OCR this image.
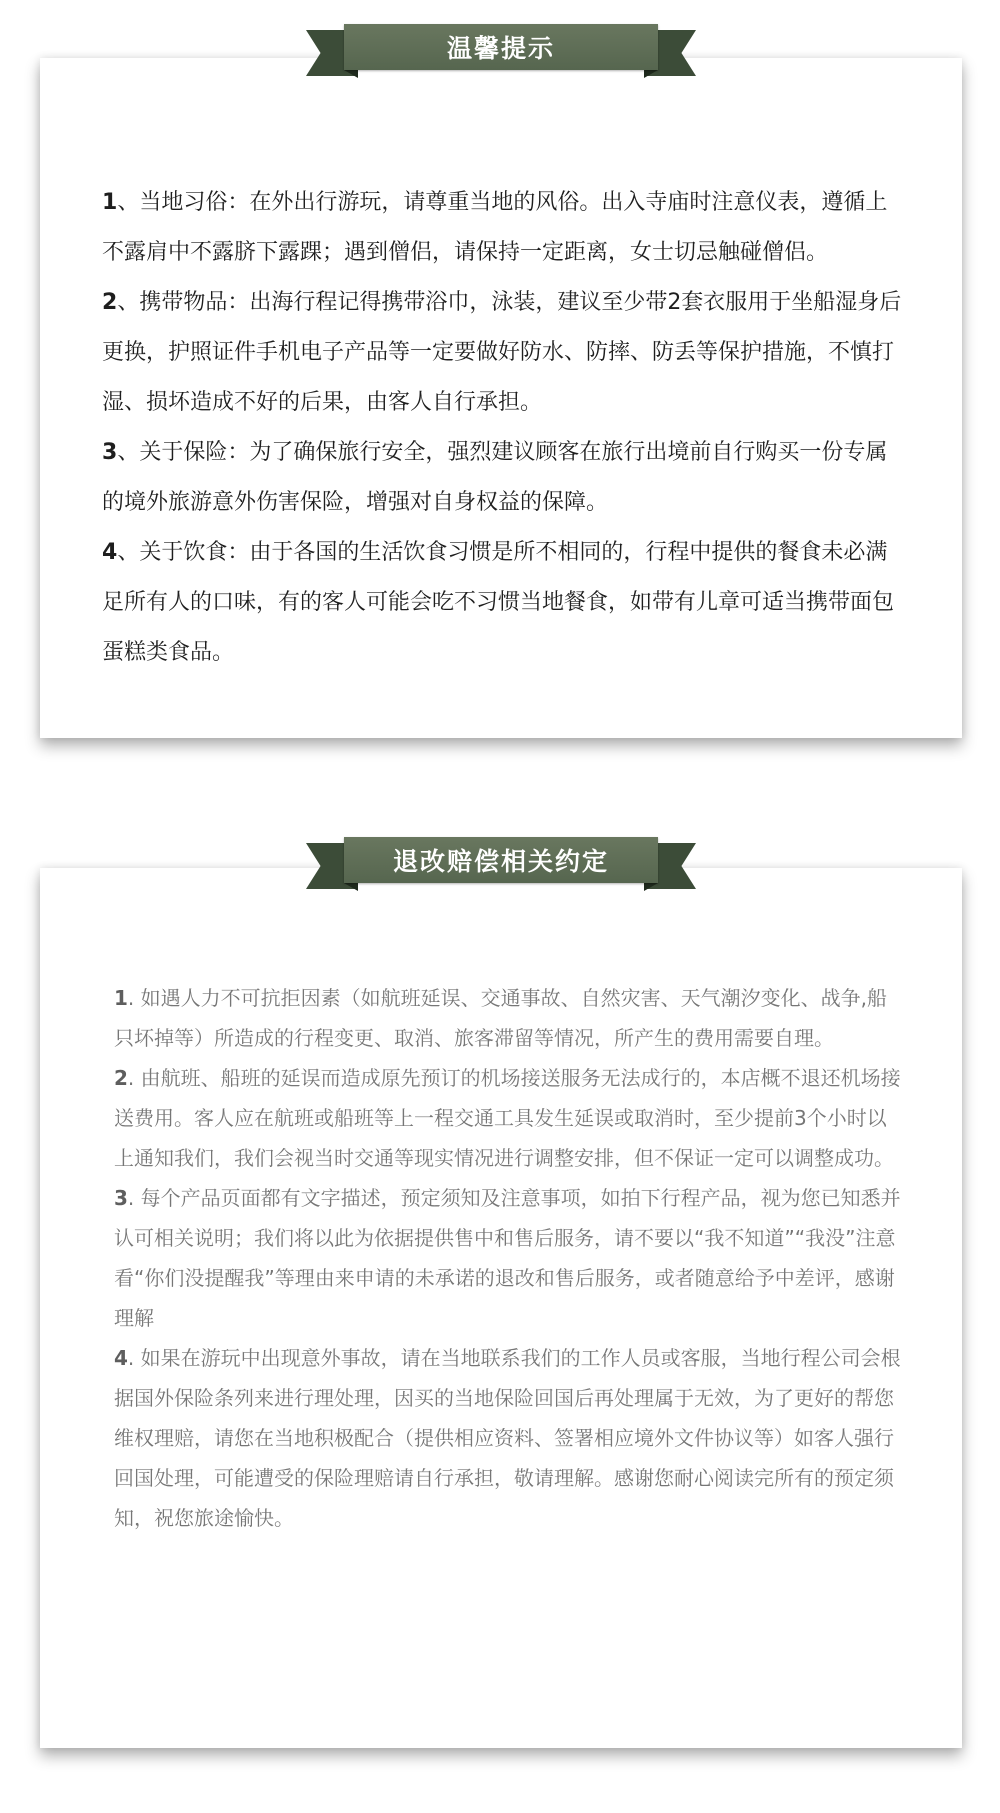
温馨提示
1、当地习俗：在外出行游玩，请尊重当地的风俗。出入寺庙时注意仪表，遵循上不露肩中不露脐下露踝；遇到僧侣，请保持一定距离，女士切忌触碰僧侣。
2、携带物品：出海行程记得携带浴巾，泳装，建议至少带2套衣服用于坐船湿身后更换，护照证件手机电子产品等一定要做好防水、防摔、防丢等保护措施，不慎打湿、损坏造成不好的后果，由客人自行承担。
3、关于保险：为了确保旅行安全，强烈建议顾客在旅行出境前自行购买一份专属的境外旅游意外伤害保险，增强对自身权益的保障。
4、关于饮食：由于各国的生活饮食习惯是所不相同的，行程中提供的餐食未必满足所有人的口味，有的客人可能会吃不习惯当地餐食，如带有儿章可适当携带面包蛋糕类食品。
退改赔偿相关约定
1. 如遇人力不可抗拒因素（如航班延误、交通事故、自然灾害、天气潮汐变化、战争,船只坏掉等）所造成的行程变更、取消、旅客滞留等情况，所产生的费用需要自理。
2. 由航班、船班的延误而造成原先预订的机场接送服务无法成行的，本店概不退还机场接送费用。客人应在航班或船班等上一程交通工具发生延误或取消时，至少提前3个小时以上通知我们，我们会视当时交通等现实情况进行调整安排，但不保证一定可以调整成功。
3. 每个产品页面都有文字描述，预定须知及注意事项，如拍下行程产品，视为您已知悉并认可相关说明；我们将以此为依据提供售中和售后服务，请不要以“我不知道”“我没”注意看“你们没提醒我”等理由来申请的未承诺的退改和售后服务，或者随意给予中差评，感谢理解
4. 如果在游玩中出现意外事故，请在当地联系我们的工作人员或客服，当地行程公司会根据国外保险条列来进行理处理，因买的当地保险回国后再处理属于无效，为了更好的帮您维权理赔，请您在当地积极配合（提供相应资料、签署相应境外文件协议等）如客人强行回国处理，可能遭受的保险理赔请自行承担，敬请理解。感谢您耐心阅读完所有的预定须知，祝您旅途愉快。
